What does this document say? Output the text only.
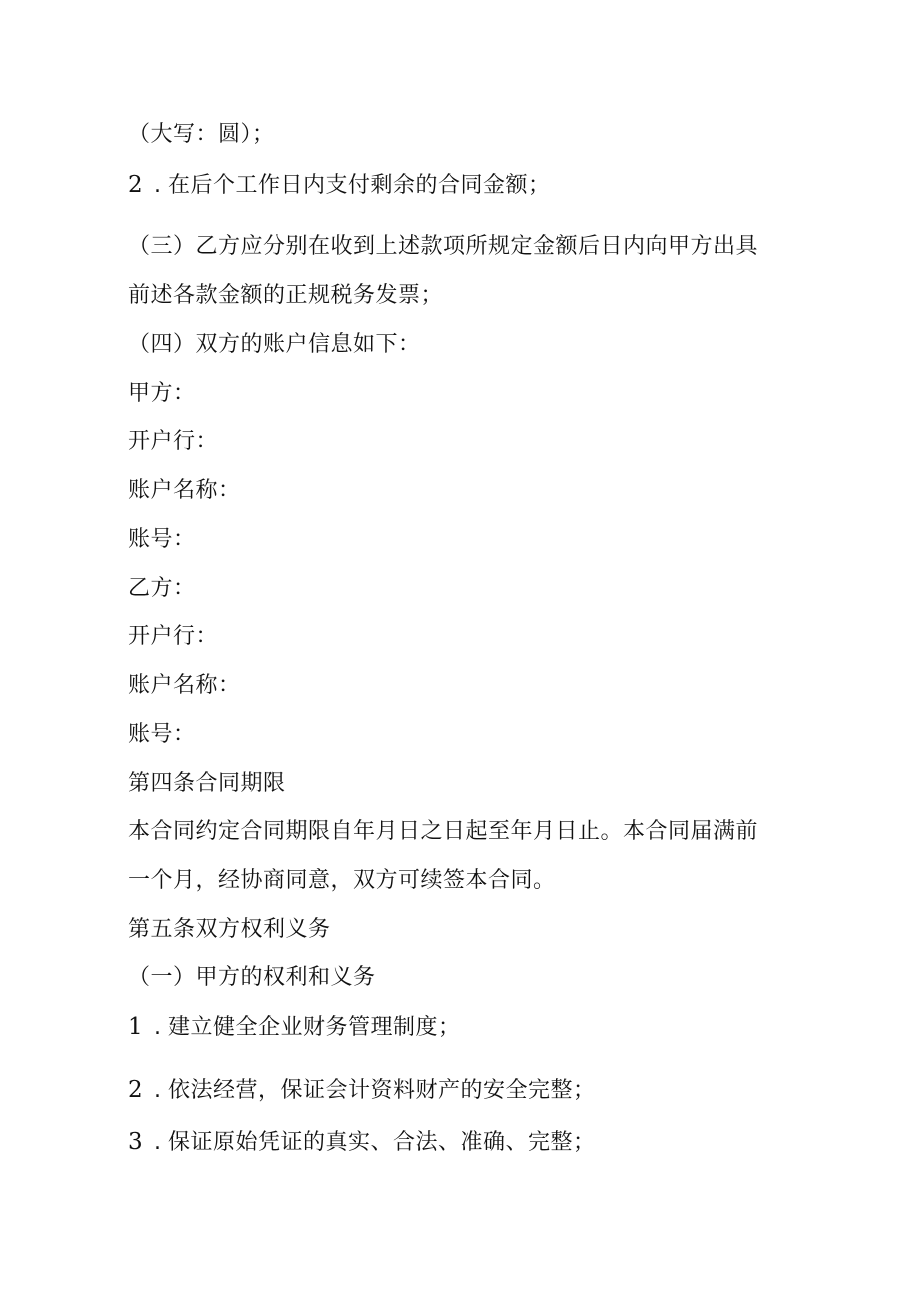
（大写：圆）；
2 . 在后个工作日内支付剩余的合同金额；
（三）乙方应分别在收到上述款项所规定金额后日内向甲方出具
前述各款金额的正规税务发票；
（四）双方的账户信息如下：
甲方：
开户行：
账户名称：
账号：
乙方：
开户行：
账户名称：
账号：
第四条合同期限
本合同约定合同期限自年月日之日起至年月日止。本合同届满前
一个月，经协商同意，双方可续签本合同。
第五条双方权利义务
（一）甲方的权利和义务
1 . 建立健全企业财务管理制度；
2 . 依法经营，保证会计资料财产的安全完整；
3 . 保证原始凭证的真实、合法、准确、完整；
